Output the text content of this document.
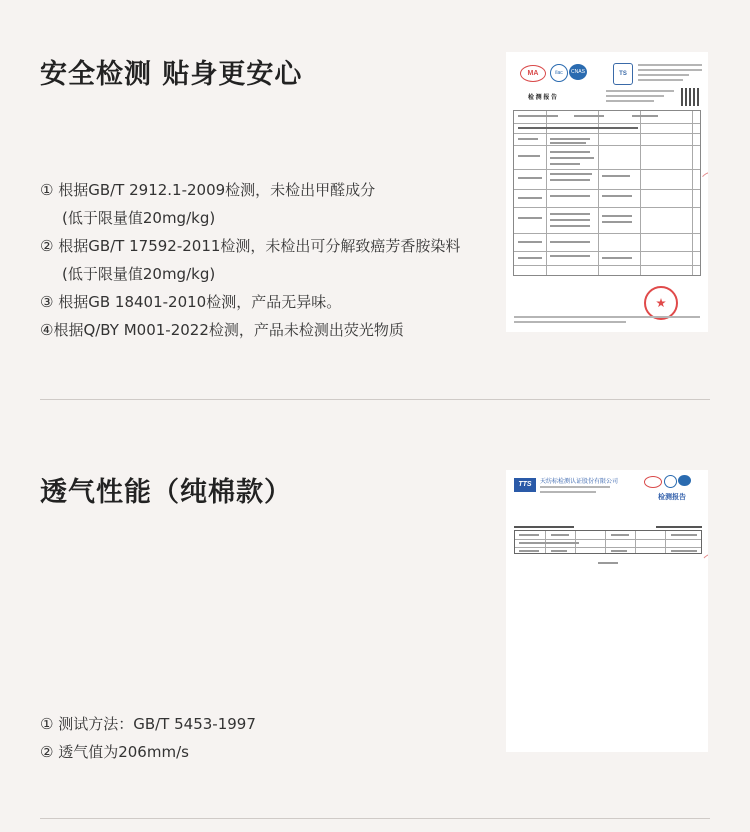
安全检测 贴身更安心
① 根据GB/T 2912.1-2009检测，未检出甲醛成分
(低于限量值20mg/kg)
② 根据GB/T 17592-2011检测，未检出可分解致癌芳香胺染料
(低于限量值20mg/kg)
③ 根据GB 18401-2010检测，产品无异味。
④根据Q/BY M001-2022检测，产品未检测出荧光物质
MA	ilac	CNAS	TS
检 测 报 告
透气性能（纯棉款）
① 测试方法：GB/T 5453-1997
② 透气值为206mm/s
TTS	天纺标检测认证股份有限公司
检测报告
